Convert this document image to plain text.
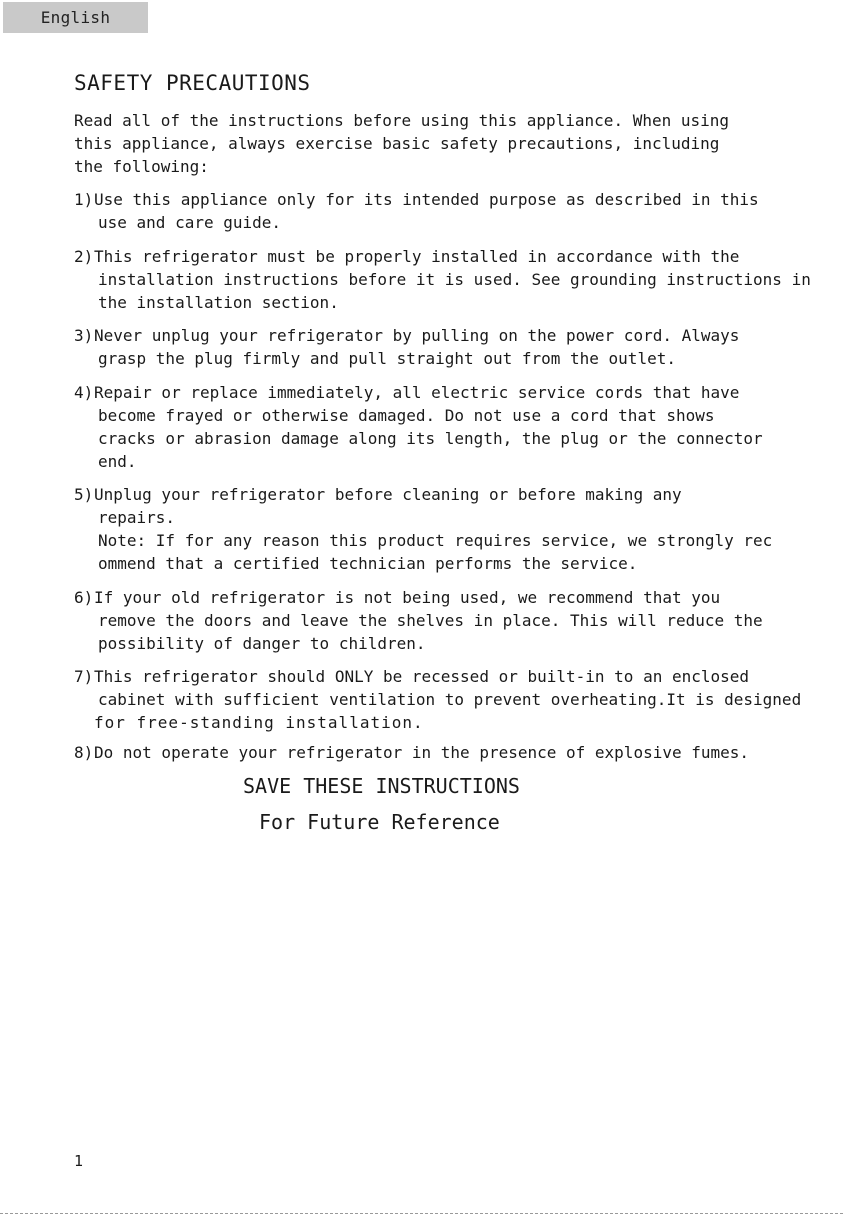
English
SAFETY PRECAUTIONS
Read all of the instructions before using this appliance. When using
this appliance, always exercise basic safety precautions, including
the following:
1) Use this appliance only for its intended purpose as described in this
use and care guide.
2) This refrigerator must be properly installed in accordance with the
installation instructions before it is used. See grounding instructions in
the installation section.
3) Never unplug your refrigerator by pulling on the power cord. Always
grasp the plug firmly and pull straight out from the outlet.
4) Repair or replace immediately, all electric service cords that have
become frayed or otherwise damaged. Do not use a cord that shows
cracks or abrasion damage along its length, the plug or the connector
end.
5) Unplug your refrigerator before cleaning or before making any
repairs.
Note: If for any reason this product requires service, we strongly rec
ommend that a certified technician performs the service.
6) If your old refrigerator is not being used, we recommend that you
remove the doors and leave the shelves in place. This will reduce the
possibility of danger to children.
7) This refrigerator should ONLY be recessed or built-in to an enclosed
cabinet with sufficient ventilation to prevent overheating.It is designed
for free-standing installation.
8) Do not operate your refrigerator in the presence of explosive fumes.
SAVE THESE INSTRUCTIONS
For Future Reference
1
